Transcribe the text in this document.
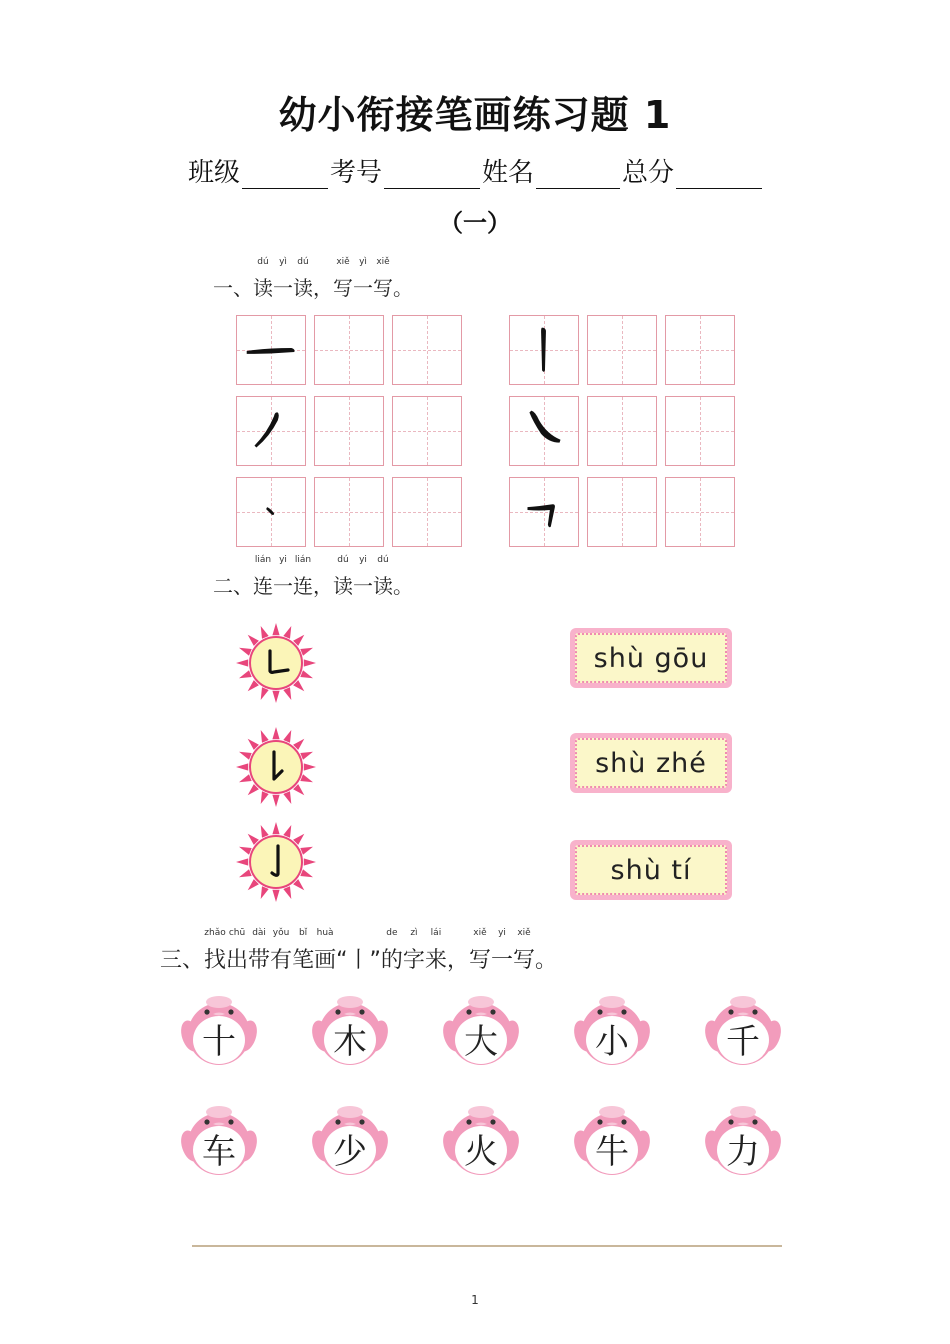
幼小衔接笔画练习题 1
班级	考号	姓名	总分
（一）
一、
dú
读
yì
一
dú
读，
xiě
写
yì
一
xiě
写。
二、
lián
连
yi
一
lián
连，
dú
读
yi
一
dú
读。
shù gōu
shù zhé
shù tí
三、
zhǎo
找
chū
出
dài
带
yǒu
有
bǐ
笔
huà
画“丨”
de
的
zì
字
lái
来，
xiě
写
yi
一
xiě
写。
十	木	大	小	千
车	少	火	牛	力
1
